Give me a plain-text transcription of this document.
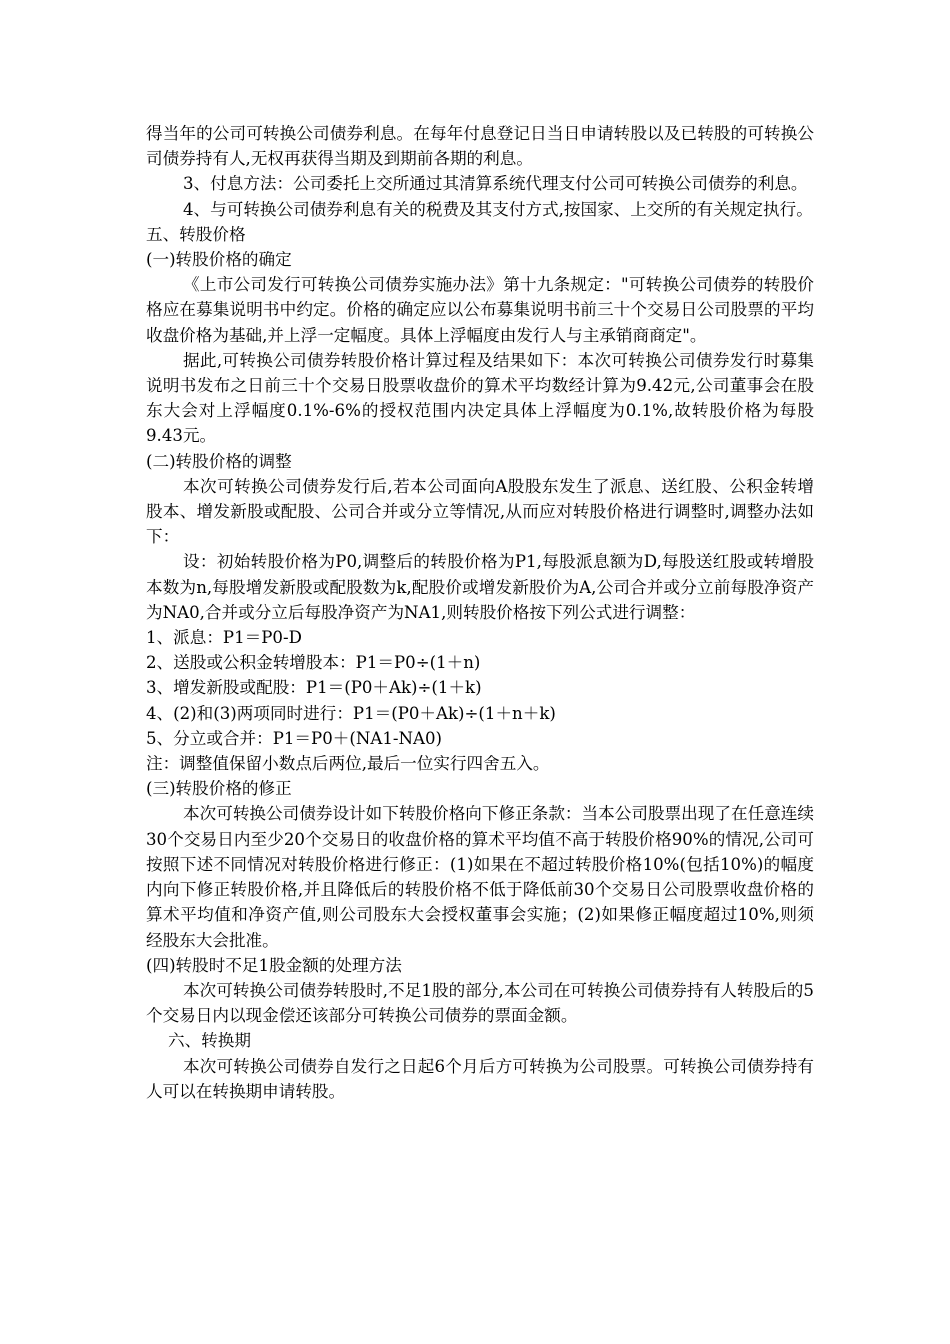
得当年的公司可转换公司债券利息。在每年付息登记日当日申请转股以及已转股的可转换公司债券持有人,无权再获得当期及到期前各期的利息。

3、付息方法：公司委托上交所通过其清算系统代理支付公司可转换公司债券的利息。

4、与可转换公司债券利息有关的税费及其支付方式,按国家、上交所的有关规定执行。

五、转股价格

(一)转股价格的确定

《上市公司发行可转换公司债券实施办法》第十九条规定："可转换公司债券的转股价格应在募集说明书中约定。价格的确定应以公布募集说明书前三十个交易日公司股票的平均收盘价格为基础,并上浮一定幅度。具体上浮幅度由发行人与主承销商商定"。

据此,可转换公司债券转股价格计算过程及结果如下：本次可转换公司债券发行时募集说明书发布之日前三十个交易日股票收盘价的算术平均数经计算为9.42元,公司董事会在股东大会对上浮幅度0.1%-6%的授权范围内决定具体上浮幅度为0.1%,故转股价格为每股9.43元。

(二)转股价格的调整

本次可转换公司债券发行后,若本公司面向A股股东发生了派息、送红股、公积金转增股本、增发新股或配股、公司合并或分立等情况,从而应对转股价格进行调整时,调整办法如下：

设：初始转股价格为P0,调整后的转股价格为P1,每股派息额为D,每股送红股或转增股本数为n,每股增发新股或配股数为k,配股价或增发新股价为A,公司合并或分立前每股净资产为NA0,合并或分立后每股净资产为NA1,则转股价格按下列公式进行调整：

1、派息：P1＝P0-D

2、送股或公积金转增股本：P1＝P0÷(1＋n)

3、增发新股或配股：P1＝(P0＋Ak)÷(1＋k)

4、(2)和(3)两项同时进行：P1＝(P0＋Ak)÷(1＋n＋k)

5、分立或合并：P1＝P0＋(NA1-NA0)

注：调整值保留小数点后两位,最后一位实行四舍五入。

(三)转股价格的修正

本次可转换公司债券设计如下转股价格向下修正条款：当本公司股票出现了在任意连续30个交易日内至少20个交易日的收盘价格的算术平均值不高于转股价格90%的情况,公司可按照下述不同情况对转股价格进行修正：(1)如果在不超过转股价格10%(包括10%)的幅度内向下修正转股价格,并且降低后的转股价格不低于降低前30个交易日公司股票收盘价格的算术平均值和净资产值,则公司股东大会授权董事会实施；(2)如果修正幅度超过10%,则须经股东大会批准。

(四)转股时不足1股金额的处理方法

本次可转换公司债券转股时,不足1股的部分,本公司在可转换公司债券持有人转股后的5个交易日内以现金偿还该部分可转换公司债券的票面金额。

六、转换期

本次可转换公司债券自发行之日起6个月后方可转换为公司股票。可转换公司债券持有人可以在转换期申请转股。
